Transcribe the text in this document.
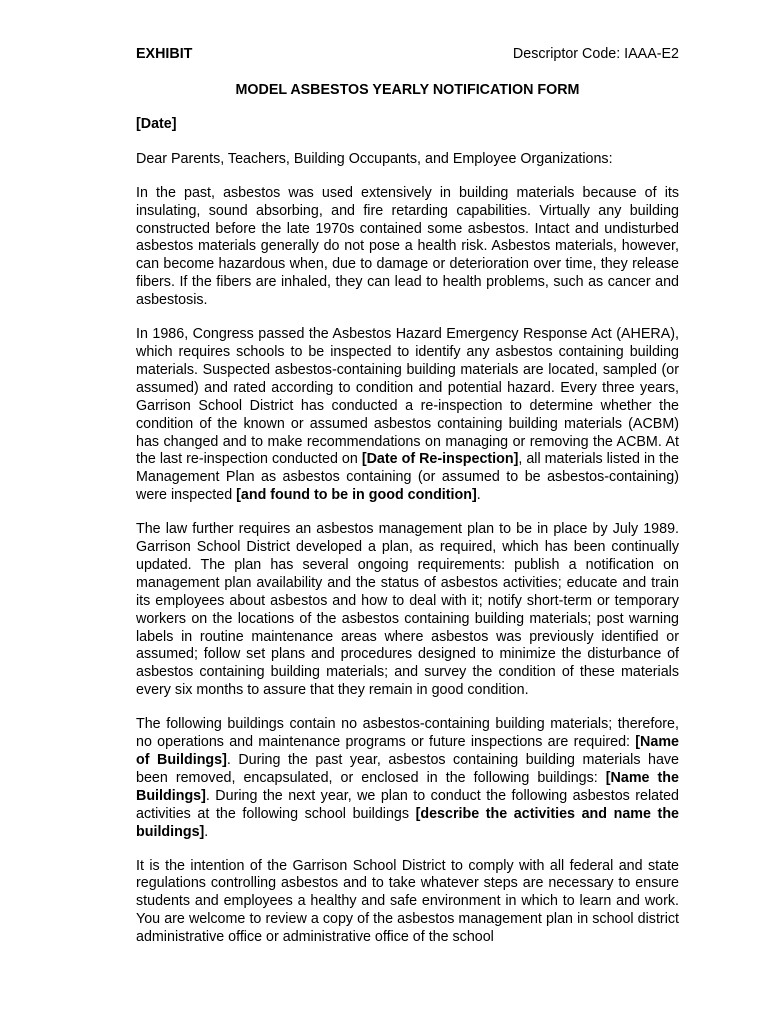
EXHIBIT	Descriptor Code: IAAA-E2
MODEL ASBESTOS YEARLY NOTIFICATION FORM
[Date]
Dear Parents, Teachers, Building Occupants, and Employee Organizations:

In the past, asbestos was used extensively in building materials because of its insulating, sound absorbing, and fire retarding capabilities. Virtually any building constructed before the late 1970s contained some asbestos. Intact and undisturbed asbestos materials generally do not pose a health risk. Asbestos materials, however, can become hazardous when, due to damage or deterioration over time, they release fibers. If the fibers are inhaled, they can lead to health problems, such as cancer and asbestosis.

In 1986, Congress passed the Asbestos Hazard Emergency Response Act (AHERA), which requires schools to be inspected to identify any asbestos containing building materials. Suspected asbestos-containing building materials are located, sampled (or assumed) and rated according to condition and potential hazard. Every three years, Garrison School District has conducted a re-inspection to determine whether the condition of the known or assumed asbestos containing building materials (ACBM) has changed and to make recommendations on managing or removing the ACBM. At the last re-inspection conducted on [Date of Re-inspection], all materials listed in the Management Plan as asbestos containing (or assumed to be asbestos-containing) were inspected [and found to be in good condition].

The law further requires an asbestos management plan to be in place by July 1989. Garrison School District developed a plan, as required, which has been continually updated. The plan has several ongoing requirements: publish a notification on management plan availability and the status of asbestos activities; educate and train its employees about asbestos and how to deal with it; notify short-term or temporary workers on the locations of the asbestos containing building materials; post warning labels in routine maintenance areas where asbestos was previously identified or assumed; follow set plans and procedures designed to minimize the disturbance of asbestos containing building materials; and survey the condition of these materials every six months to assure that they remain in good condition.

The following buildings contain no asbestos-containing building materials; therefore, no operations and maintenance programs or future inspections are required: [Name of Buildings]. During the past year, asbestos containing building materials have been removed, encapsulated, or enclosed in the following buildings: [Name the Buildings]. During the next year, we plan to conduct the following asbestos related activities at the following school buildings [describe the activities and name the buildings].

It is the intention of the Garrison School District to comply with all federal and state regulations controlling asbestos and to take whatever steps are necessary to ensure students and employees a healthy and safe environment in which to learn and work. You are welcome to review a copy of the asbestos management plan in school district administrative office or administrative office of the school
